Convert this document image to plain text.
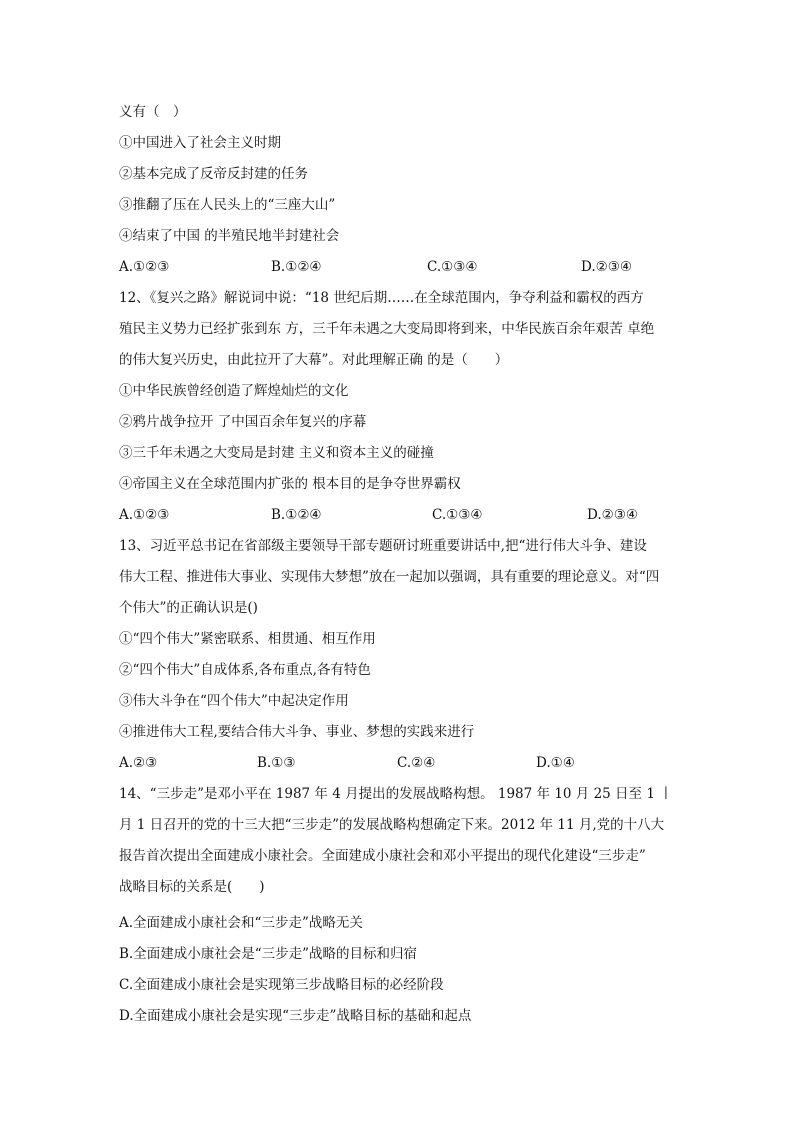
义有（　）
①中国进入了社会主义时期
②基本完成了反帝反封建的任务
③推翻了压在人民头上的“三座大山”
④结束了中国 的半殖民地半封建社会
A.①②③	B.①②④	C.①③④	D.②③④
12、《复兴之路》解说词中说：“18 世纪后期……在全球范围内，争夺利益和霸权的西方
殖民主义势力已经扩张到东 方，三千年未遇之大变局即将到来，中华民族百余年艰苦 卓绝
的伟大复兴历史，由此拉开了大幕”。对此理解正确 的是（　　）
①中华民族曾经创造了辉煌灿烂的文化
②鸦片战争拉开 了中国百余年复兴的序幕
③三千年未遇之大变局是封建 主义和资本主义的碰撞
④帝国主义在全球范围内扩张的 根本目的是争夺世界霸权
A.①②③	B.①②④	C.①③④	D.②③④
13、习近平总书记在省部级主要领导干部专题研讨班重要讲话中,把“进行伟大斗争、建设
伟大工程、推进伟大事业、实现伟大梦想”放在一起加以强调，具有重要的理论意义。对“四
个伟大”的正确认识是()
①“四个伟大”紧密联系、相贯通、相互作用
②“四个伟大”自成体系,各布重点,各有特色
③伟大斗争在“四个伟大”中起决定作用
④推进伟大工程,要结合伟大斗争、事业、梦想的实践来进行
A.②③	B.①③	C.②④	D.①④
14、“三步走”是邓小平在 1987 年 4 月提出的发展战略构想。 1987 年 10 月 25 日至 1 丨
月 1 日召开的党的十三大把“三步走”的发展战略构想确定下来。2012 年 11 月,党的十八大
报告首次提出全面建成小康社会。全面建成小康社会和邓小平提出的现代化建设“三步走”
战略目标的关系是(　　)
A.全面建成小康社会和“三步走”战略无关
B.全面建成小康社会是“三步走”战略的目标和归宿
C.全面建成小康社会是实现第三步战略目标的必经阶段
D.全面建成小康社会是实现“三步走”战略目标的基础和起点
